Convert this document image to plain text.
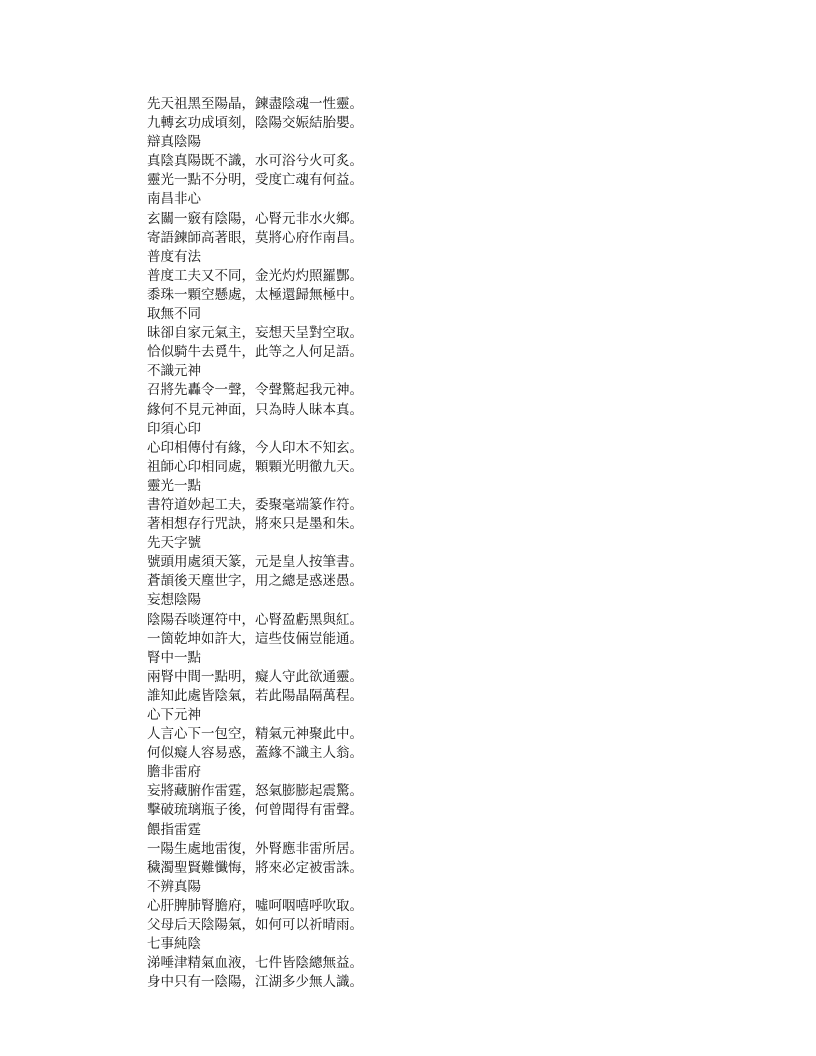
先天祖黑至陽晶，鍊盡陰魂一性靈。
九轉玄功成頃刻，陰陽交娠結胎嬰。
辯真陰陽
真陰真陽既不識，水可浴兮火可炙。
靈光一點不分明，受度亡魂有何益。
南昌非心
玄關一竅有陰陽，心腎元非水火鄉。
寄語鍊師高著眼，莫將心府作南昌。
普度有法
普度工夫又不同，金光灼灼照羅酆。
黍珠一顆空懸處，太極還歸無極中。
取無不同
昧卻自家元氣主，妄想天呈對空取。
恰似騎牛去覓牛，此等之人何足語。
不識元神
召將先轟令一聲，令聲驚起我元神。
緣何不見元神面，只為時人昧本真。
印須心印
心印相傳付有緣，今人印木不知玄。
祖師心印相同處，顆顆光明徹九天。
靈光一點
書符道妙起工夫，委聚毫端篆作符。
著相想存行咒訣，將來只是墨和朱。
先天字號
號頭用處須天篆，元是皇人按筆書。
蒼頡後天塵世字，用之總是惑迷愚。
妄想陰陽
陰陽吞啖運符中，心腎盈虧黑與紅。
一箇乾坤如許大，這些伎倆豈能通。
腎中一點
兩腎中間一點明，癡人守此欲通靈。
誰知此處皆陰氣，若此陽晶隔萬程。
心下元神
人言心下一包空，精氣元神聚此中。
何似癡人容易惑，蓋緣不識主人翁。
膽非雷府
妄將藏腑作雷霆，怒氣膨膨起震驚。
擊破琉璃瓶子後，何曾聞得有雷聲。
餵指雷霆
一陽生處地雷復，外腎應非雷所居。
穢濁聖賢難懺悔，將來必定被雷誅。
不辨真陽
心肝脾肺腎膽府，噓呵咽嘻呼吹取。
父母后天陰陽氣，如何可以祈晴雨。
七事純陰
涕唾津精氣血液，七件皆陰總無益。
身中只有一陰陽，江湖多少無人識。
